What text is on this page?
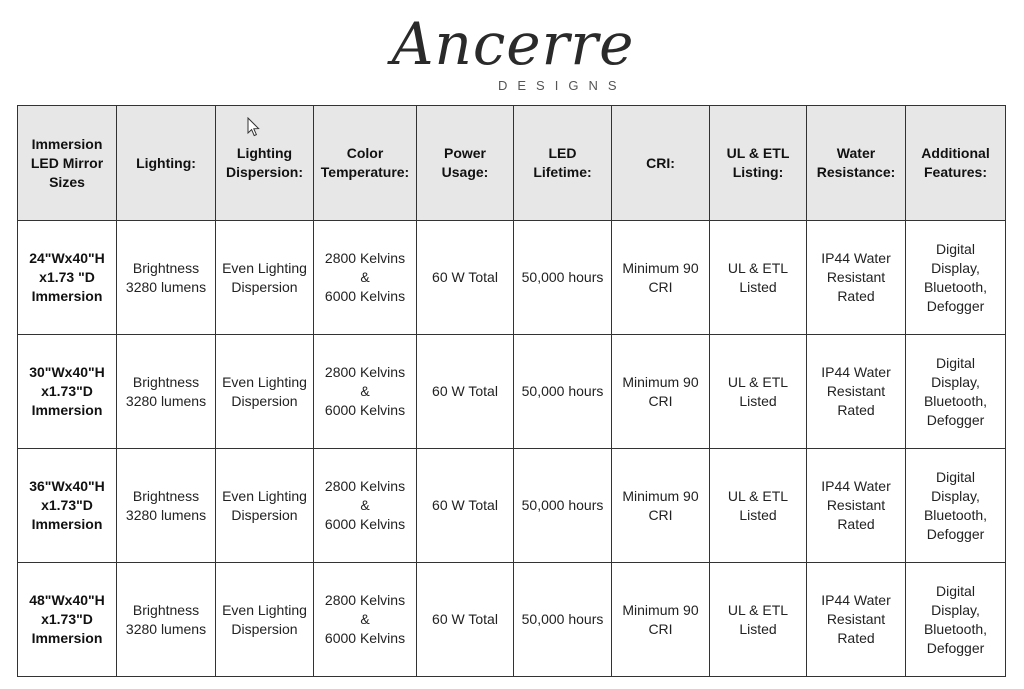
Ancerre
DESIGNS
Immersion
LED Mirror
Sizes	Lighting:	Lighting
Dispersion:	Color
Temperature:	Power
Usage:	LED
Lifetime:	CRI:	UL & ETL
Listing:	Water
Resistance:	Additional
Features:

24"Wx40"H
x1.73 "D
Immersion	Brightness
3280 lumens	Even Lighting
Dispersion	2800 Kelvins
&
6000 Kelvins	60 W Total	50,000 hours	Minimum 90
CRI	UL & ETL
Listed	IP44 Water
Resistant
Rated	Digital
Display,
Bluetooth,
Defogger

30"Wx40"H
x1.73"D
Immersion	Brightness
3280 lumens	Even Lighting
Dispersion	2800 Kelvins
&
6000 Kelvins	60 W Total	50,000 hours	Minimum 90
CRI	UL & ETL
Listed	IP44 Water
Resistant
Rated	Digital
Display,
Bluetooth,
Defogger

36"Wx40"H
x1.73"D
Immersion	Brightness
3280 lumens	Even Lighting
Dispersion	2800 Kelvins
&
6000 Kelvins	60 W Total	50,000 hours	Minimum 90
CRI	UL & ETL
Listed	IP44 Water
Resistant
Rated	Digital
Display,
Bluetooth,
Defogger

48"Wx40"H
x1.73"D
Immersion	Brightness
3280 lumens	Even Lighting
Dispersion	2800 Kelvins
&
6000 Kelvins	60 W Total	50,000 hours	Minimum 90
CRI	UL & ETL
Listed	IP44 Water
Resistant
Rated	Digital
Display,
Bluetooth,
Defogger
